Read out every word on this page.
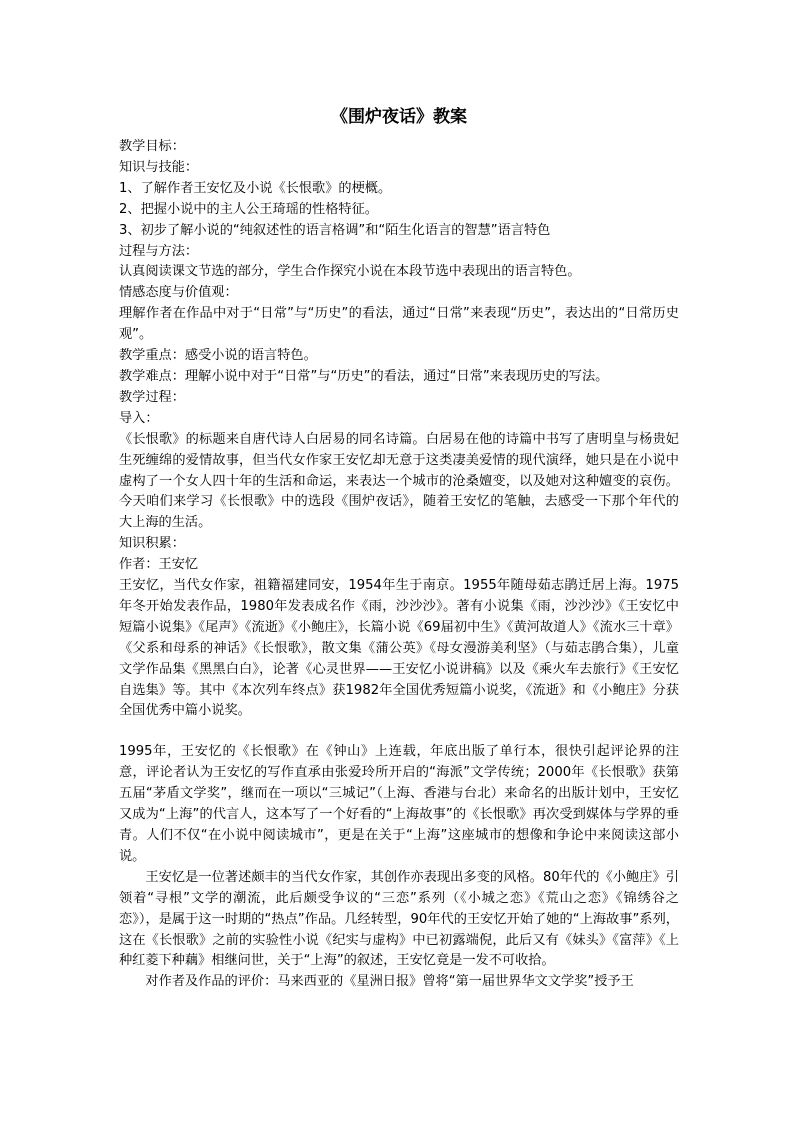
《围炉夜话》教案

教学目标：

知识与技能：

1、了解作者王安忆及小说《长恨歌》的梗概。

2、把握小说中的主人公王琦瑶的性格特征。

3、初步了解小说的“纯叙述性的语言格调”和“陌生化语言的智慧”语言特色

过程与方法：

认真阅读课文节选的部分，学生合作探究小说在本段节选中表现出的语言特色。

情感态度与价值观：

理解作者在作品中对于“日常”与“历史”的看法，通过“日常”来表现“历史”，表达出的“日常历史观”。

教学重点：感受小说的语言特色。

教学难点：理解小说中对于“日常”与“历史”的看法，通过“日常”来表现历史的写法。

教学过程：

导入：

《长恨歌》的标题来自唐代诗人白居易的同名诗篇。白居易在他的诗篇中书写了唐明皇与杨贵妃生死缠绵的爱情故事，但当代女作家王安忆却无意于这类凄美爱情的现代演绎，她只是在小说中虚构了一个女人四十年的生活和命运，来表达一个城市的沧桑嬗变，以及她对这种嬗变的哀伤。今天咱们来学习《长恨歌》中的选段《围炉夜话》，随着王安忆的笔触，去感受一下那个年代的大上海的生活。

知识积累：

作者：王安忆

王安忆，当代女作家，祖籍福建同安，1954年生于南京。1955年随母茹志鹃迁居上海。1975年冬开始发表作品，1980年发表成名作《雨，沙沙沙》。著有小说集《雨，沙沙沙》《王安忆中短篇小说集》《尾声》《流逝》《小鲍庄》，长篇小说《69届初中生》《黄河故道人》《流水三十章》《父系和母系的神话》《长恨歌》，散文集《蒲公英》《母女漫游美利坚》（与茹志鹃合集），儿童文学作品集《黑黑白白》，论著《心灵世界——王安忆小说讲稿》以及《乘火车去旅行》《王安忆自选集》等。其中《本次列车终点》获1982年全国优秀短篇小说奖，《流逝》和《小鲍庄》分获全国优秀中篇小说奖。

1995年，王安忆的《长恨歌》在《钟山》上连载，年底出版了单行本，很快引起评论界的注意，评论者认为王安忆的写作直承由张爱玲所开启的“海派”文学传统；2000年《长恨歌》获第五届“茅盾文学奖”，继而在一项以“三城记”（上海、香港与台北）来命名的出版计划中，王安忆又成为“上海”的代言人，这本写了一个好看的“上海故事”的《长恨歌》再次受到媒体与学界的垂青。人们不仅“在小说中阅读城市”，更是在关于“上海”这座城市的想像和争论中来阅读这部小说。

王安忆是一位著述颇丰的当代女作家，其创作亦表现出多变的风格。80年代的《小鲍庄》引领着“寻根”文学的潮流，此后颇受争议的“三恋”系列（《小城之恋》《荒山之恋》《锦绣谷之恋》），是属于这一时期的“热点”作品。几经转型，90年代的王安忆开始了她的“上海故事”系列，这在《长恨歌》之前的实验性小说《纪实与虚构》中已初露端倪，此后又有《妹头》《富萍》《上种红菱下种藕》相继问世，关于“上海”的叙述，王安忆竟是一发不可收拾。

对作者及作品的评价：马来西亚的《星洲日报》曾将“第一届世界华文文学奖”授予王
